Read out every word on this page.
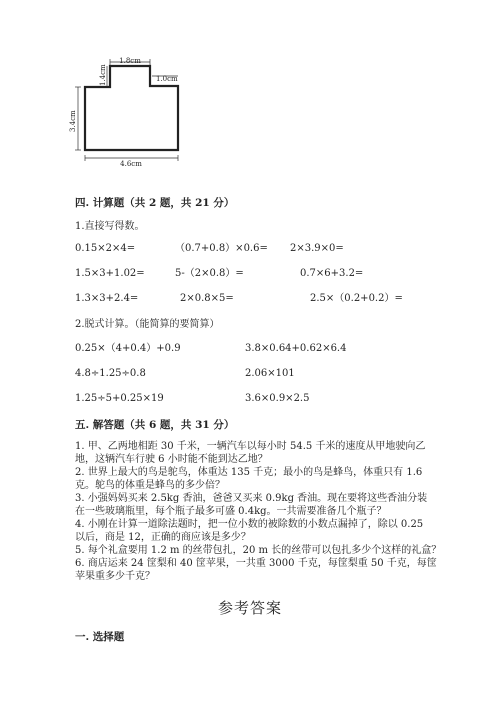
1.8cm
1.4cm	1.0cm
3.4cm
4.6cm
四. 计算题（共 2 题，共 21 分）
1.直接写得数。
0.15×2×4=	（0.7+0.8）×0.6= 2×3.9×0=
1.5×3+1.02=	5-（2×0.8）=	0.7×6+3.2=
1.3×3+2.4=	2×0.8×5=	2.5×（0.2+0.2）=
2.脱式计算。（能简算的要简算）
0.25×（4+0.4）+0.9	3.8×0.64+0.62×6.4
4.8÷1.25÷0.8	2.06×101
1.25÷5+0.25×19	3.6×0.9×2.5
五. 解答题（共 6 题，共 31 分）
1. 甲、乙两地相距 30 千米，一辆汽车以每小时 54.5 千米的速度从甲地驶向乙
地，这辆汽车行驶 6 小时能不能到达乙地？
2. 世界上最大的鸟是鸵鸟，体重达 135 千克；最小的鸟是蜂鸟，体重只有 1.6
克。鸵鸟的体重是蜂鸟的多少倍？
3. 小强妈妈买来 2.5kg 香油，爸爸又买来 0.9kg 香油。现在要将这些香油分装
在一些玻璃瓶里，每个瓶子最多可盛 0.4kg。一共需要准备几个瓶子？
4. 小刚在计算一道除法题时，把一位小数的被除数的小数点漏掉了，除以 0.25
以后，商是 12，正确的商应该是多少？
5. 每个礼盒要用 1.2 m 的丝带包扎，20 m 长的丝带可以包扎多少个这样的礼盒？
6. 商店运来 24 筐梨和 40 筐苹果，一共重 3000 千克，每筐梨重 50 千克，每筐
苹果重多少千克？
参考答案
一. 选择题
